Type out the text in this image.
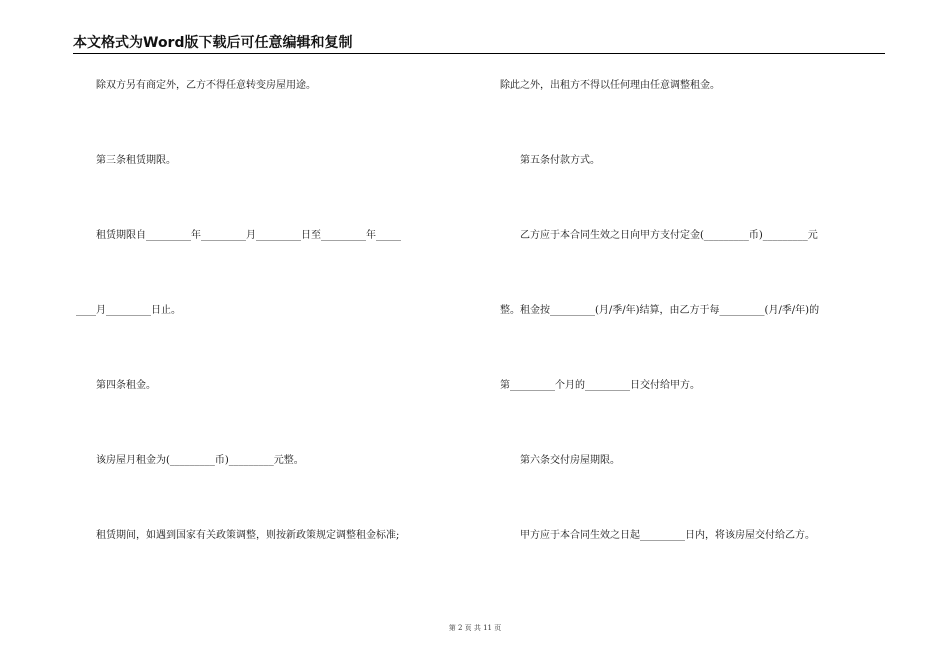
本文格式为Word版下载后可任意编辑和复制
　　除双方另有商定外，乙方不得任意转变房屋用途。
　　第三条租赁期限。
　　租赁期限自_________年_________月_________日至_________年_____
____月_________日止。
　　第四条租金。
　　该房屋月租金为(_________币)_________元整。
　　租赁期间，如遇到国家有关政策调整，则按新政策规定调整租金标准;
除此之外，出租方不得以任何理由任意调整租金。
　　第五条付款方式。
　　乙方应于本合同生效之日向甲方支付定金(_________币)_________元
整。租金按_________(月/季/年)结算，由乙方于每_________(月/季/年)的
第_________个月的_________日交付给甲方。
　　第六条交付房屋期限。
　　甲方应于本合同生效之日起_________日内，将该房屋交付给乙方。
第 2 页 共 11 页
